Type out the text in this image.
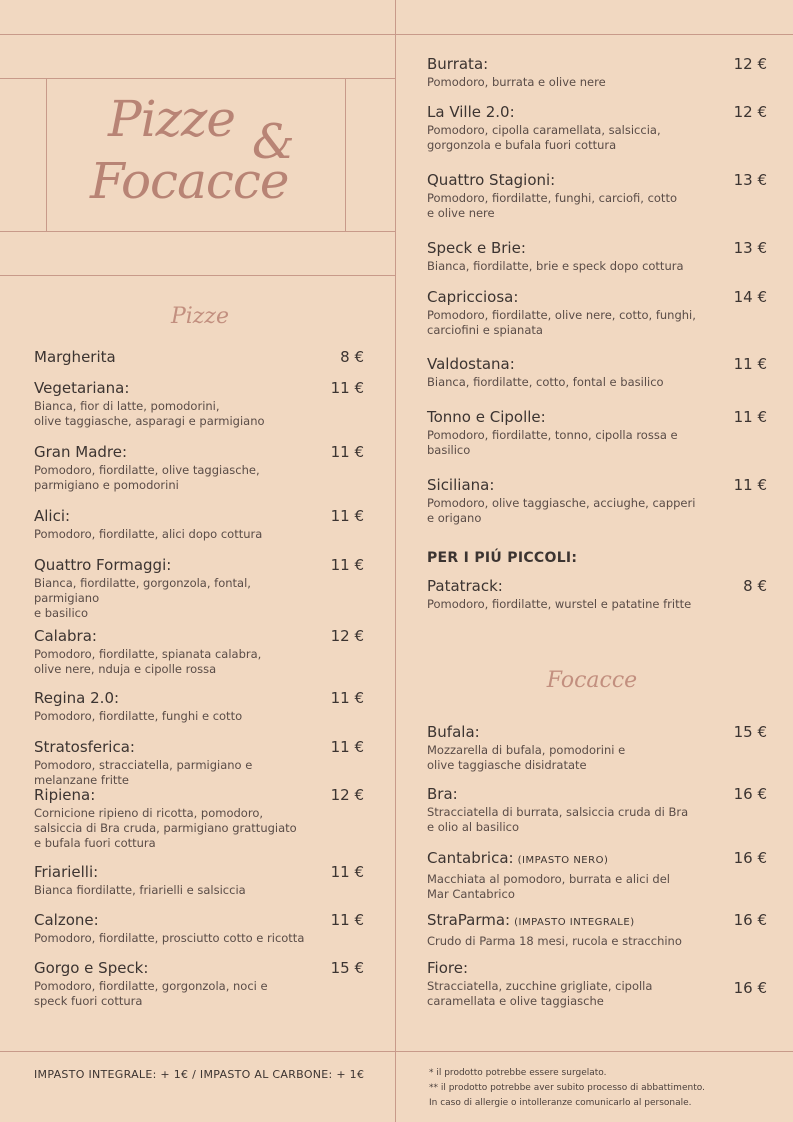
Pizze &
Focacce
Pizze
Focacce
PER I PIÚ PICCOLI:
Margherita	8 €
Vegetariana:
Bianca, fior di latte, pomodorini,
olive taggiasche, asparagi e parmigiano
11 €
Gran Madre:
Pomodoro, fiordilatte, olive taggiasche,
parmigiano e pomodorini
11 €
Alici:
Pomodoro, fiordilatte, alici dopo cottura
11 €
Quattro Formaggi:
Bianca, fiordilatte, gorgonzola, fontal, parmigiano
e basilico
11 €
Calabra:
Pomodoro, fiordilatte, spianata calabra,
olive nere, nduja e cipolle rossa
12 €
Regina 2.0:
Pomodoro, fiordilatte, funghi e cotto
11 €
Stratosferica:
Pomodoro, stracciatella, parmigiano e melanzane fritte
11 €
Ripiena:
Cornicione ripieno di ricotta, pomodoro,
salsiccia di Bra cruda, parmigiano grattugiato
e bufala fuori cottura
12 €
Friarielli:
Bianca fiordilatte, friarielli e salsiccia
11 €
Calzone:
Pomodoro, fiordilatte, prosciutto cotto e ricotta
11 €
Gorgo e Speck:
Pomodoro, fiordilatte, gorgonzola, noci e
speck fuori cottura
15 €
Burrata:
Pomodoro, burrata e olive nere
12 €
La Ville 2.0:
Pomodoro, cipolla caramellata, salsiccia,
gorgonzola e bufala fuori cottura
12 €
Quattro Stagioni:
Pomodoro, fiordilatte, funghi, carciofi, cotto
e olive nere
13 €
Speck e Brie:
Bianca, fiordilatte, brie e speck dopo cottura
13 €
Capricciosa:
Pomodoro, fiordilatte, olive nere, cotto, funghi,
carciofini e spianata
14 €
Valdostana:
Bianca, fiordilatte, cotto, fontal e basilico
11 €
Tonno e Cipolle:
Pomodoro, fiordilatte, tonno, cipolla rossa e
basilico
11 €
Siciliana:
Pomodoro, olive taggiasche, acciughe, capperi
e origano
11 €
Patatrack:
Pomodoro, fiordilatte, wurstel e patatine fritte
8 €
Bufala:
Mozzarella di bufala, pomodorini e
olive taggiasche disidratate
15 €
Bra:
Stracciatella di burrata, salsiccia cruda di Bra
e olio al basilico
16 €
Cantabrica: (IMPASTO NERO)
Macchiata al pomodoro, burrata e alici del
Mar Cantabrico
16 €
StraParma: (IMPASTO INTEGRALE)
Crudo di Parma 18 mesi, rucola e stracchino
16 €
Fiore:
Stracciatella, zucchine grigliate, cipolla
caramellata e olive taggiasche
16 €
IMPASTO INTEGRALE: + 1€ / IMPASTO AL CARBONE: + 1€	* il prodotto potrebbe essere surgelato.
** il prodotto potrebbe aver subito processo di abbattimento.
In caso di allergie o intolleranze comunicarlo al personale.
